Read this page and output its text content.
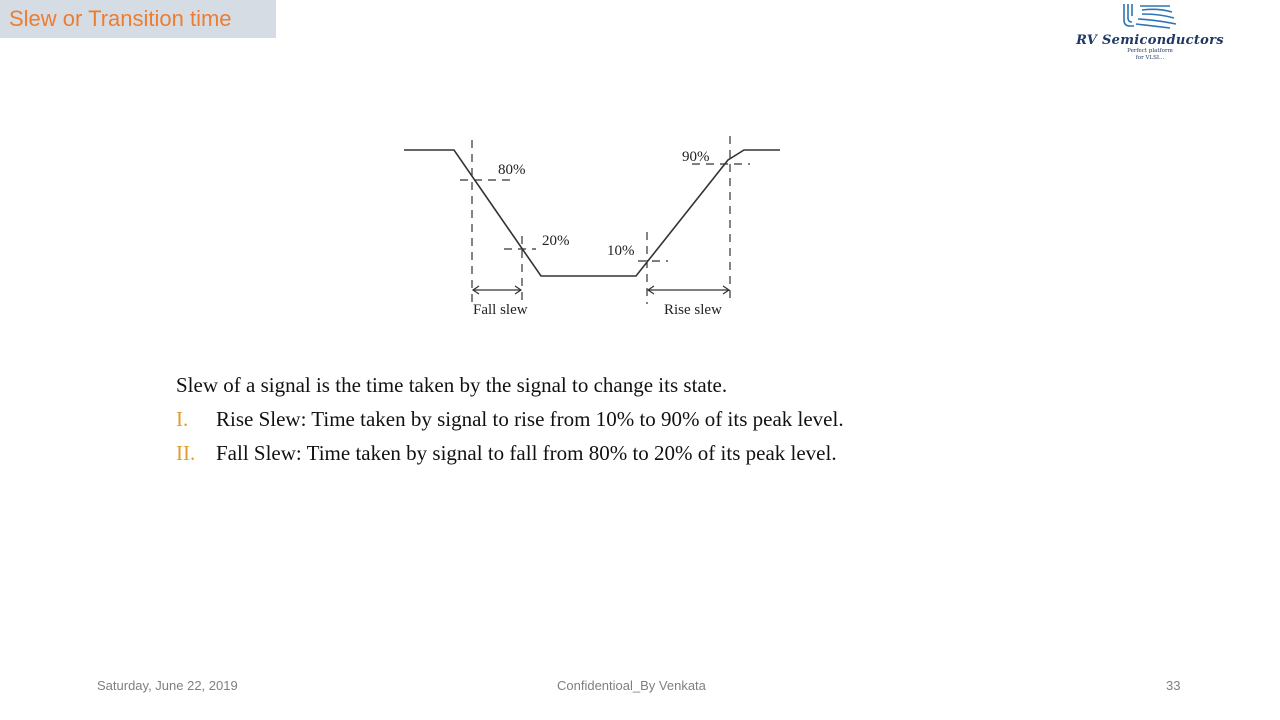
Slew or Transition time
RV Semiconductors
Perfect platform
for VLSI...
80%
20%
10%
90%
Fall slew	Rise slew
Slew of a signal is the time taken by the signal to change its state.
I. Rise Slew: Time taken by signal to rise from 10% to 90% of its peak level.
II. Fall Slew: Time taken by signal to fall from 80% to 20% of its peak level.
Saturday, June 22, 2019	Confidentioal_By Venkata	33
